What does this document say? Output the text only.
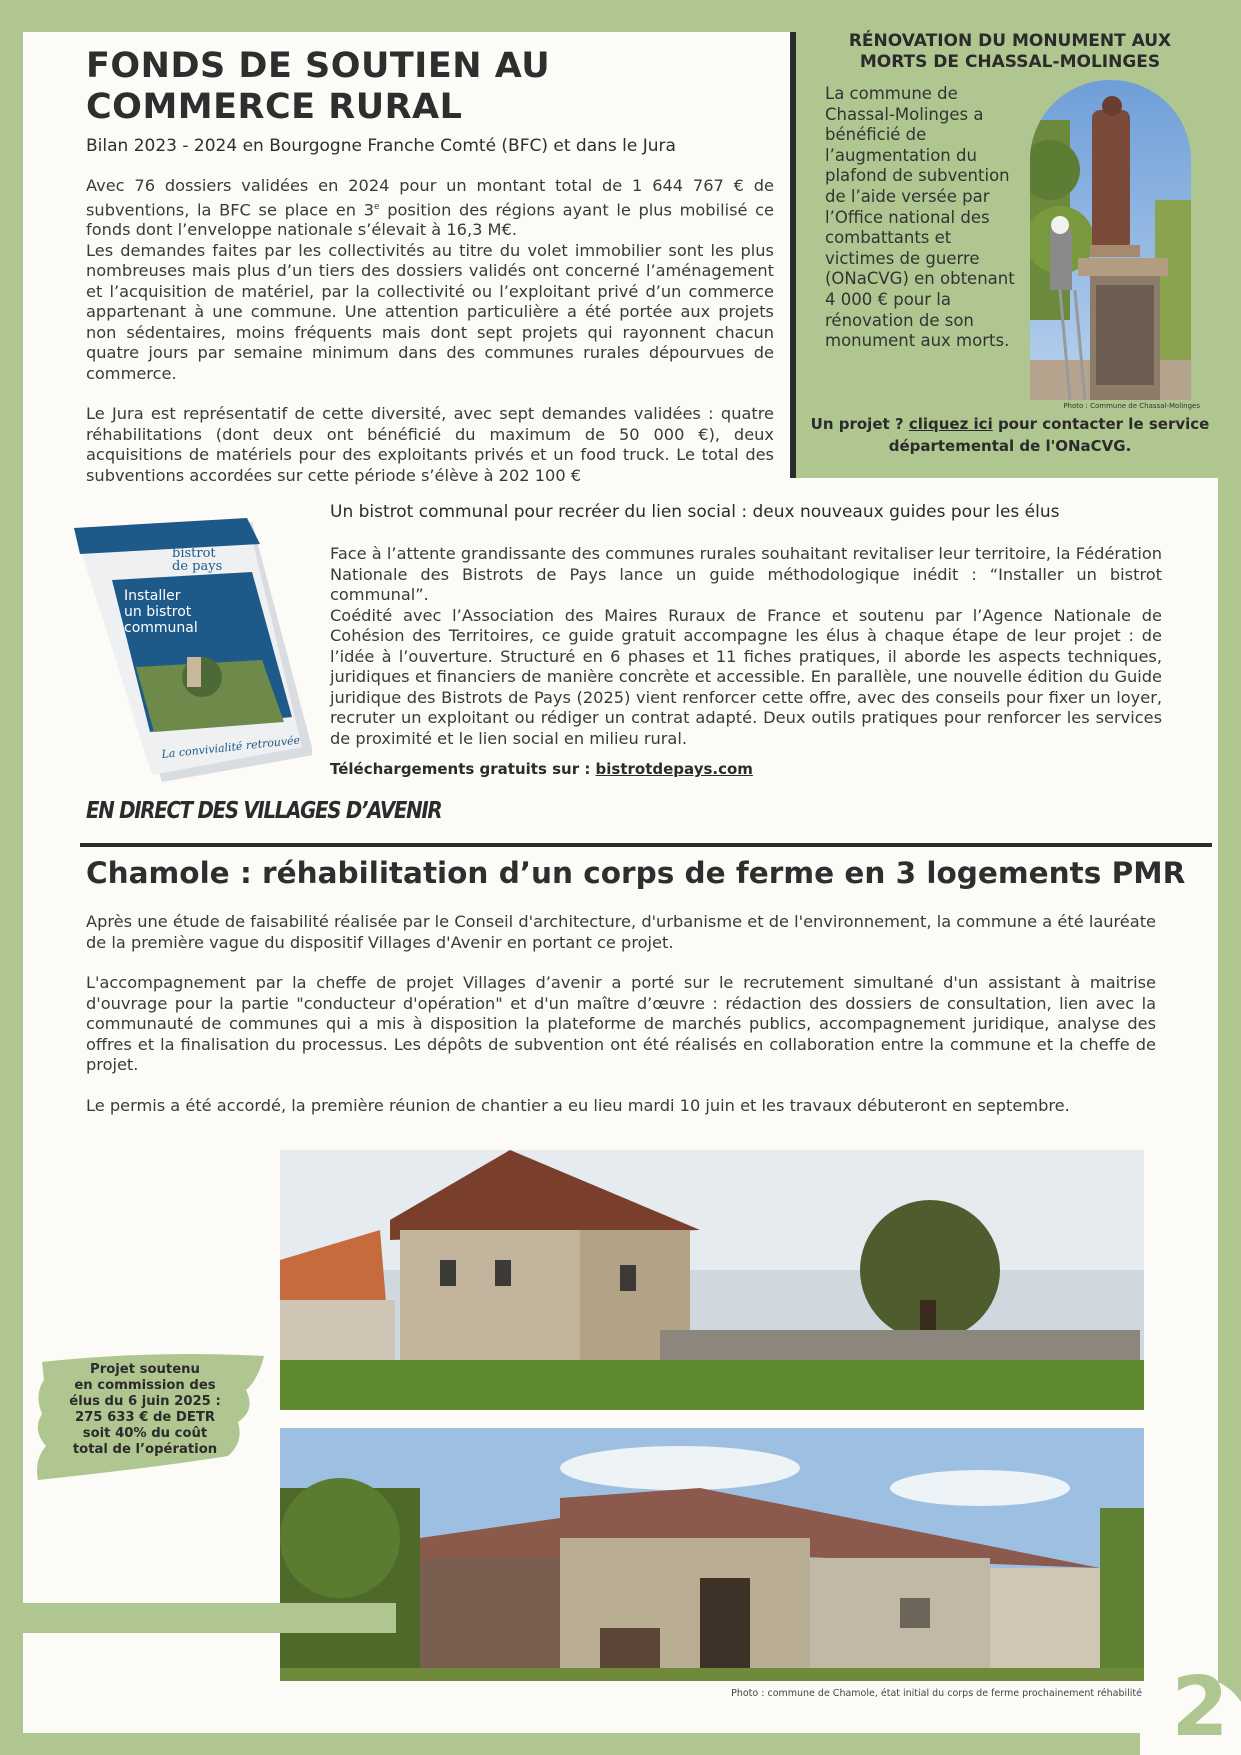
FONDS DE SOUTIEN AU
COMMERCE RURAL
Bilan 2023 - 2024 en Bourgogne Franche Comté (BFC) et dans le Jura

Avec 76 dossiers validées en 2024 pour un montant total de 1 644 767 € de subventions, la BFC se place en 3e position des régions ayant le plus mobilisé ce fonds dont l’enveloppe nationale s’élevait à 16,3 M€.

Les demandes faites par les collectivités au titre du volet immobilier sont les plus nombreuses mais plus d’un tiers des dossiers validés ont concerné l’aménagement et l’acquisition de matériel, par la collectivité ou l’exploitant privé d’un commerce appartenant à une commune. Une attention particulière a été portée aux projets non sédentaires, moins fréquents mais dont sept projets qui rayonnent chacun quatre jours par semaine minimum dans des communes rurales dépourvues de commerce.

Le Jura est représentatif de cette diversité, avec sept demandes validées : quatre réhabilitations (dont deux ont bénéficié du maximum de 50 000 €), deux acquisitions de matériels pour des exploitants privés et un food truck. Le total des subventions accordées sur cette période s’élève à 202 100 €
RÉNOVATION DU MONUMENT AUX
MORTS DE CHASSAL-MOLINGES
La commune de Chassal-Molinges a bénéficié de l’augmentation du plafond de subvention de l’aide versée par l’Office national des combattants et victimes de guerre (ONaCVG) en obtenant 4 000 € pour la rénovation de son monument aux morts.
Photo : Commune de Chassal-Molinges
Un projet ? cliquez ici pour contacter le service départemental de l'ONaCVG.
bistrot
de pays
Installer
un bistrot
communal
La convivialité retrouvée
Un bistrot communal pour recréer du lien social : deux nouveaux guides pour les élus

Face à l’attente grandissante des communes rurales souhaitant revitaliser leur territoire, la Fédération Nationale des Bistrots de Pays lance un guide méthodologique inédit : “Installer un bistrot communal”.

Coédité avec l’Association des Maires Ruraux de France et soutenu par l’Agence Nationale de Cohésion des Territoires, ce guide gratuit accompagne les élus à chaque étape de leur projet : de l’idée à l’ouverture. Structuré en 6 phases et 11 fiches pratiques, il aborde les aspects techniques, juridiques et financiers de manière concrète et accessible. En parallèle, une nouvelle édition du Guide juridique des Bistrots de Pays (2025) vient renforcer cette offre, avec des conseils pour fixer un loyer, recruter un exploitant ou rédiger un contrat adapté. Deux outils pratiques pour renforcer les services de proximité et le lien social en milieu rural.

Téléchargements gratuits sur : bistrotdepays.com
EN DIRECT DES VILLAGES D’AVENIR
Chamole : réhabilitation d’un corps de ferme en 3 logements PMR

Après une étude de faisabilité réalisée par le Conseil d'architecture, d'urbanisme et de l'environnement, la commune a été lauréate de la première vague du dispositif Villages d'Avenir en portant ce projet.

L'accompagnement par la cheffe de projet Villages d’avenir a porté sur le recrutement simultané d'un assistant à maitrise d'ouvrage pour la partie "conducteur d'opération" et d'un maître d’œuvre : rédaction des dossiers de consultation, lien avec la communauté de communes qui a mis à disposition la plateforme de marchés publics, accompagnement juridique, analyse des offres et la finalisation du processus. Les dépôts de subvention ont été réalisés en collaboration entre la commune et la cheffe de projet.

Le permis a été accordé, la première réunion de chantier a eu lieu mardi 10 juin et les travaux débuteront en septembre.

Photo : commune de Chamole, état initial du corps de ferme prochainement réhabilité
Projet soutenu
en commission des
élus du 6 juin 2025 :
275 633 € de DETR
soit 40% du coût
total de l’opération
2
